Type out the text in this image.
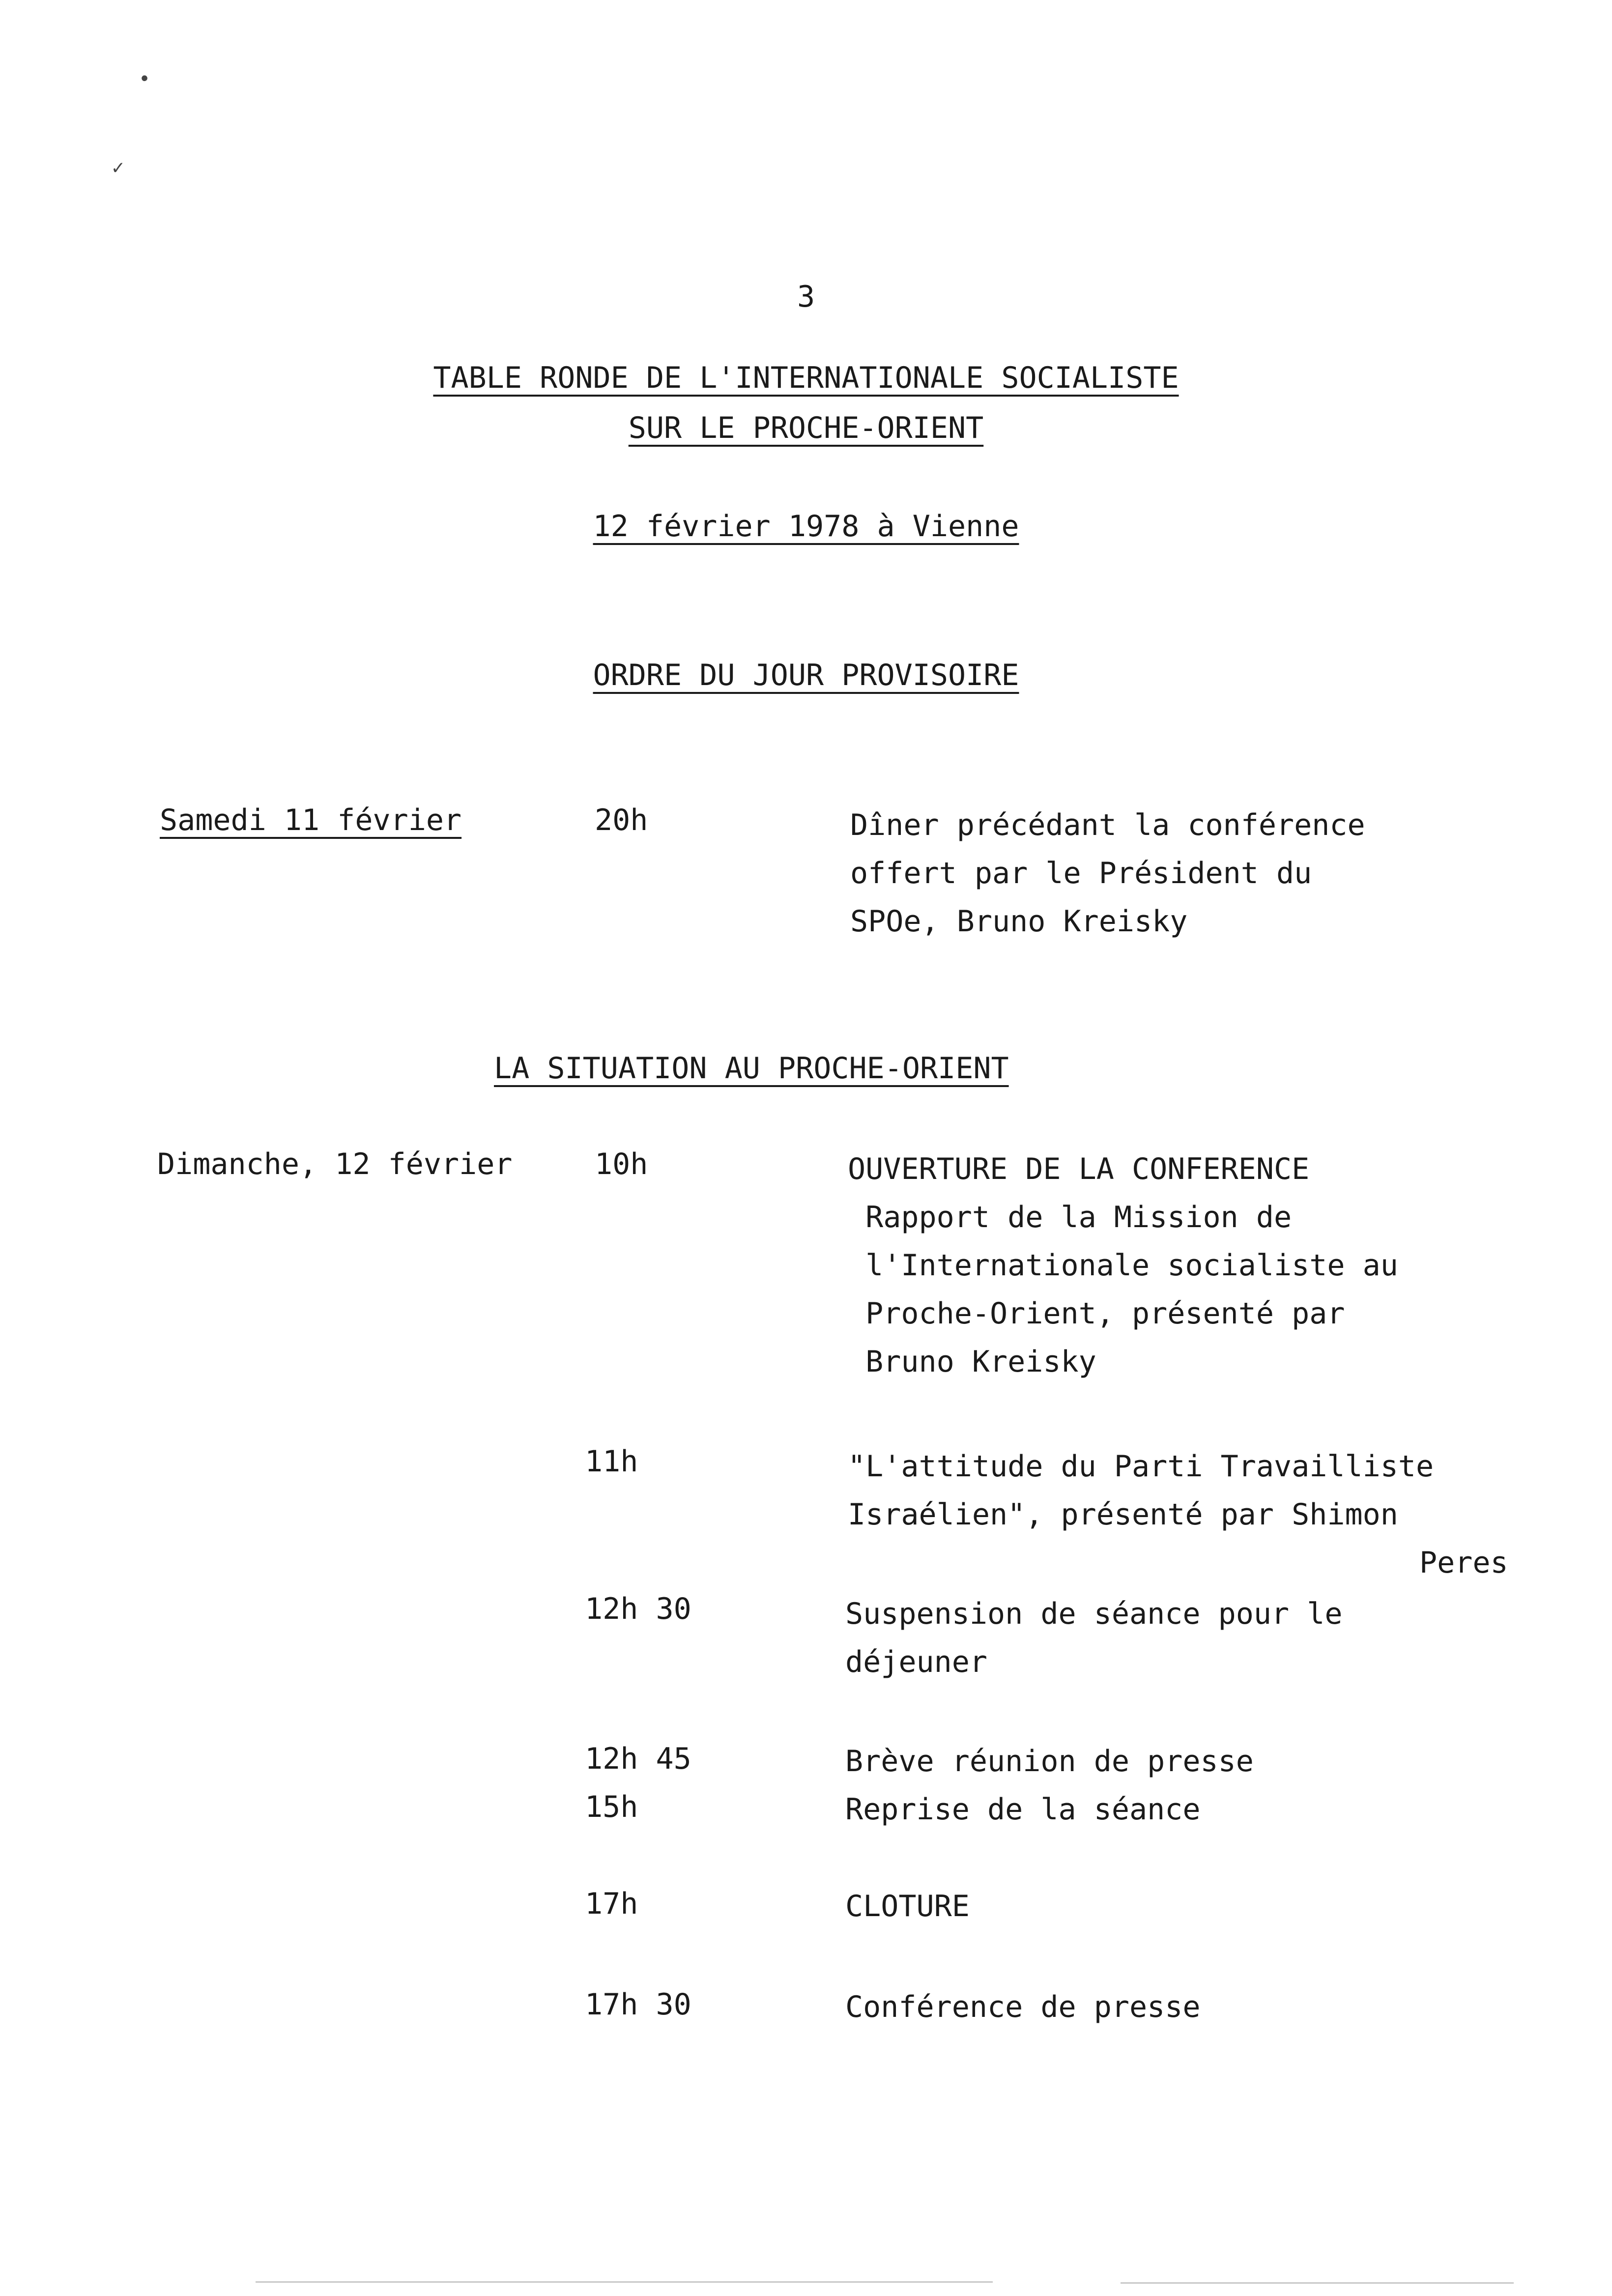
•
✓
3
TABLE RONDE DE L'INTERNATIONALE SOCIALISTE
SUR LE PROCHE-ORIENT
12 février 1978 à Vienne
ORDRE DU JOUR PROVISOIRE
Samedi 11 février	20h	Dîner précédant la conférence
offert par le Président du
SPOe, Bruno Kreisky
LA SITUATION AU PROCHE-ORIENT
Dimanche, 12 février	10h	OUVERTURE DE LA CONFERENCE
Rapport de la Mission de
l'Internationale socialiste au
Proche-Orient, présenté par
Bruno Kreisky
11h	"L'attitude du Parti Travailliste
Israélien", présenté par Shimon
Peres
12h 30	Suspension de séance pour le
déjeuner
12h 45	Brève réunion de presse
15h	Reprise de la séance
17h	CLOTURE
17h 30	Conférence de presse
